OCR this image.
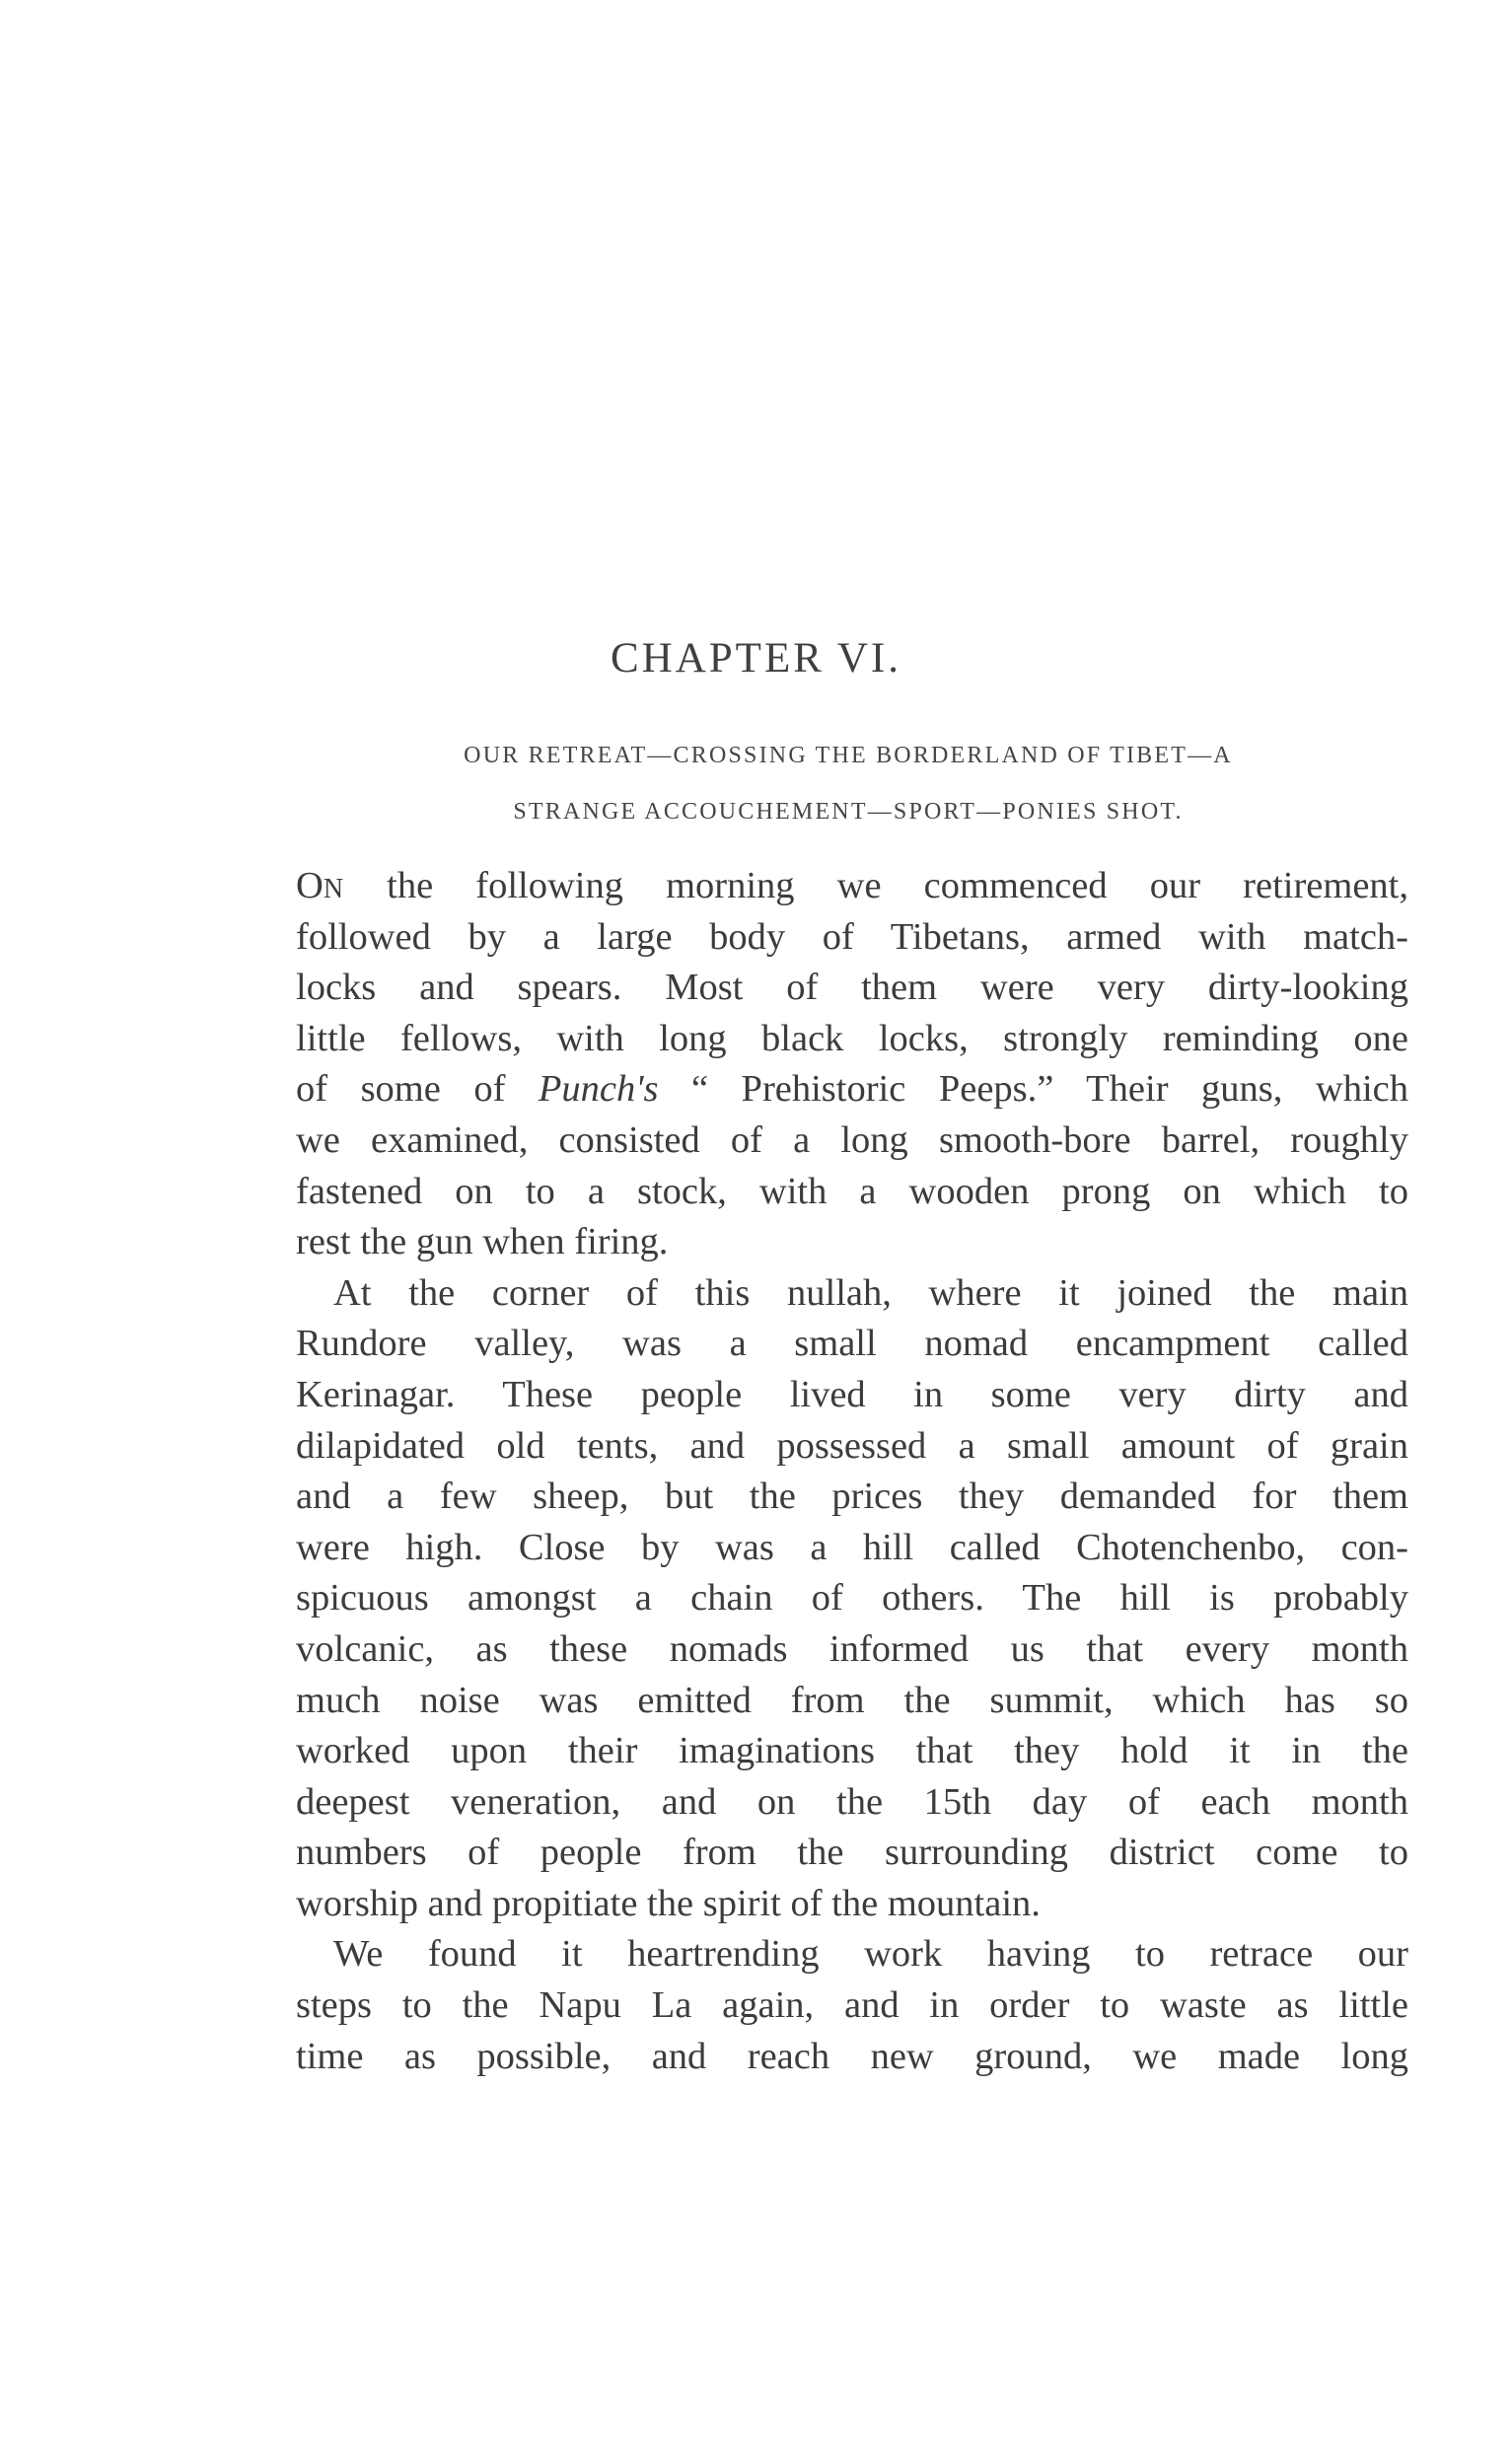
CHAPTER VI.
OUR RETREAT—CROSSING THE BORDERLAND OF TIBET—A
STRANGE ACCOUCHEMENT—SPORT—PONIES SHOT.
ON the following morning we commenced our retirement,
followed by a large body of Tibetans, armed with match-
locks and spears. Most of them were very dirty-looking
little fellows, with long black locks, strongly reminding one
of some of Punch's “ Prehistoric Peeps.” Their guns, which
we examined, consisted of a long smooth-bore barrel, roughly
fastened on to a stock, with a wooden prong on which to
rest the gun when firing.
At the corner of this nullah, where it joined the main
Rundore valley, was a small nomad encampment called
Kerinagar. These people lived in some very dirty and
dilapidated old tents, and possessed a small amount of grain
and a few sheep, but the prices they demanded for them
were high. Close by was a hill called Chotenchenbo, con-
spicuous amongst a chain of others. The hill is probably
volcanic, as these nomads informed us that every month
much noise was emitted from the summit, which has so
worked upon their imaginations that they hold it in the
deepest veneration, and on the 15th day of each month
numbers of people from the surrounding district come to
worship and propitiate the spirit of the mountain.
We found it heartrending work having to retrace our
steps to the Napu La again, and in order to waste as little
time as possible, and reach new ground, we made long
